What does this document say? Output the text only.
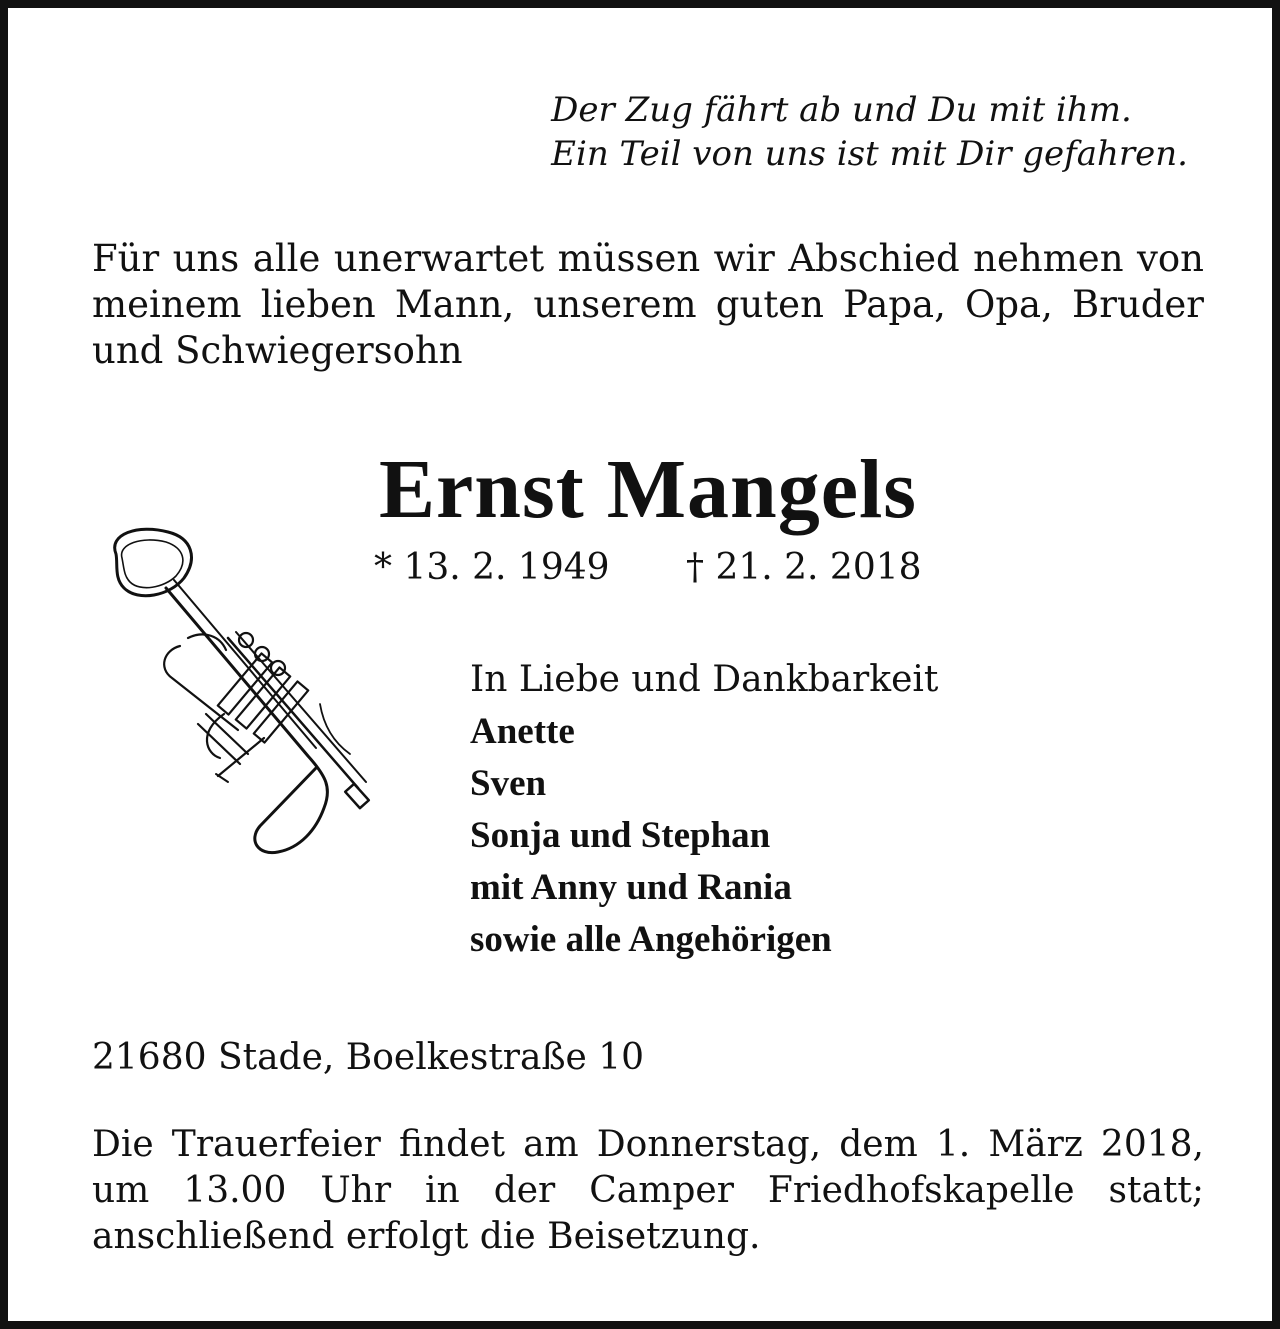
Der Zug fährt ab und Du mit ihm.
Ein Teil von uns ist mit Dir gefahren.
Für uns alle unerwartet müssen wir Abschied nehmen von meinem lieben Mann, unserem guten Papa, Opa, Bruder und Schwiegersohn
Ernst Mangels
* 13. 2. 1949 † 21. 2. 2018
In Liebe und Dankbarkeit
Anette
Sven
Sonja und Stephan
mit Anny und Rania
sowie alle Angehörigen
21680 Stade, Boelkestraße 10
Die Trauerfeier findet am Donnerstag, dem 1. März 2018, um 13.00 Uhr in der Camper Friedhofskapelle statt; anschließend erfolgt die Beisetzung.
